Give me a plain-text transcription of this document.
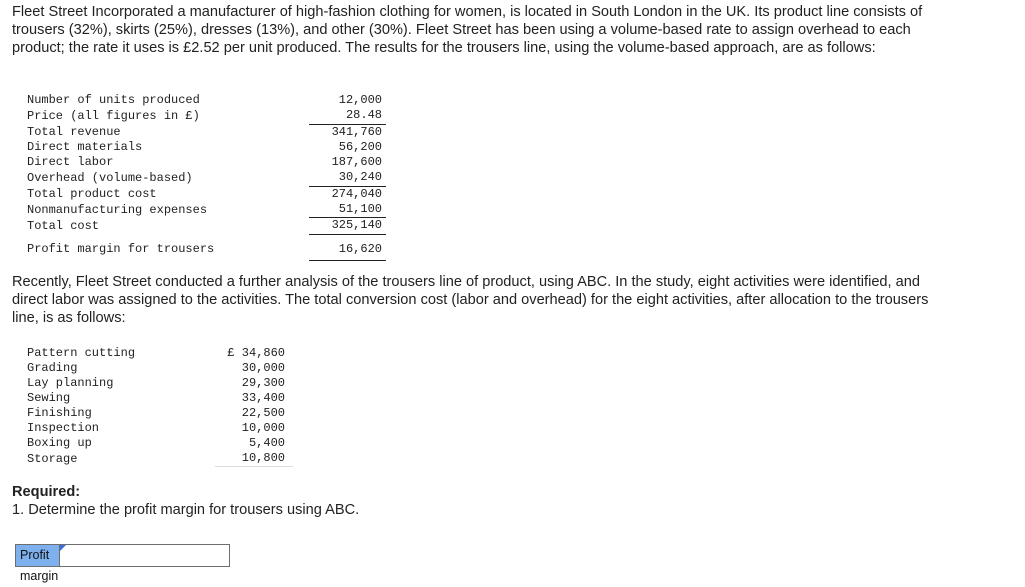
Fleet Street Incorporated a manufacturer of high-fashion clothing for women, is located in South London in the UK. Its product line consists of trousers (32%), skirts (25%), dresses (13%), and other (30%). Fleet Street has been using a volume-based rate to assign overhead to each product; the rate it uses is £2.52 per unit produced. The results for the trousers line, using the volume-based approach, are as follows:

Number of units produced	12,000
Price (all figures in £)	28.48
Total revenue	341,760
Direct materials	56,200
Direct labor	187,600
Overhead (volume-based)	30,240
Total product cost	274,040
Nonmanufacturing expenses	51,100
Total cost	325,140
Profit margin for trousers	16,620

Recently, Fleet Street conducted a further analysis of the trousers line of product, using ABC. In the study, eight activities were identified, and direct labor was assigned to the activities. The total conversion cost (labor and overhead) for the eight activities, after allocation to the trousers line, is as follows:

Pattern cutting	£ 34,860
Grading	30,000
Lay planning	29,300
Sewing	33,400
Finishing	22,500
Inspection	10,000
Boxing up	5,400
Storage	10,800

Required:

1. Determine the profit margin for trousers using ABC.

Profit margin
